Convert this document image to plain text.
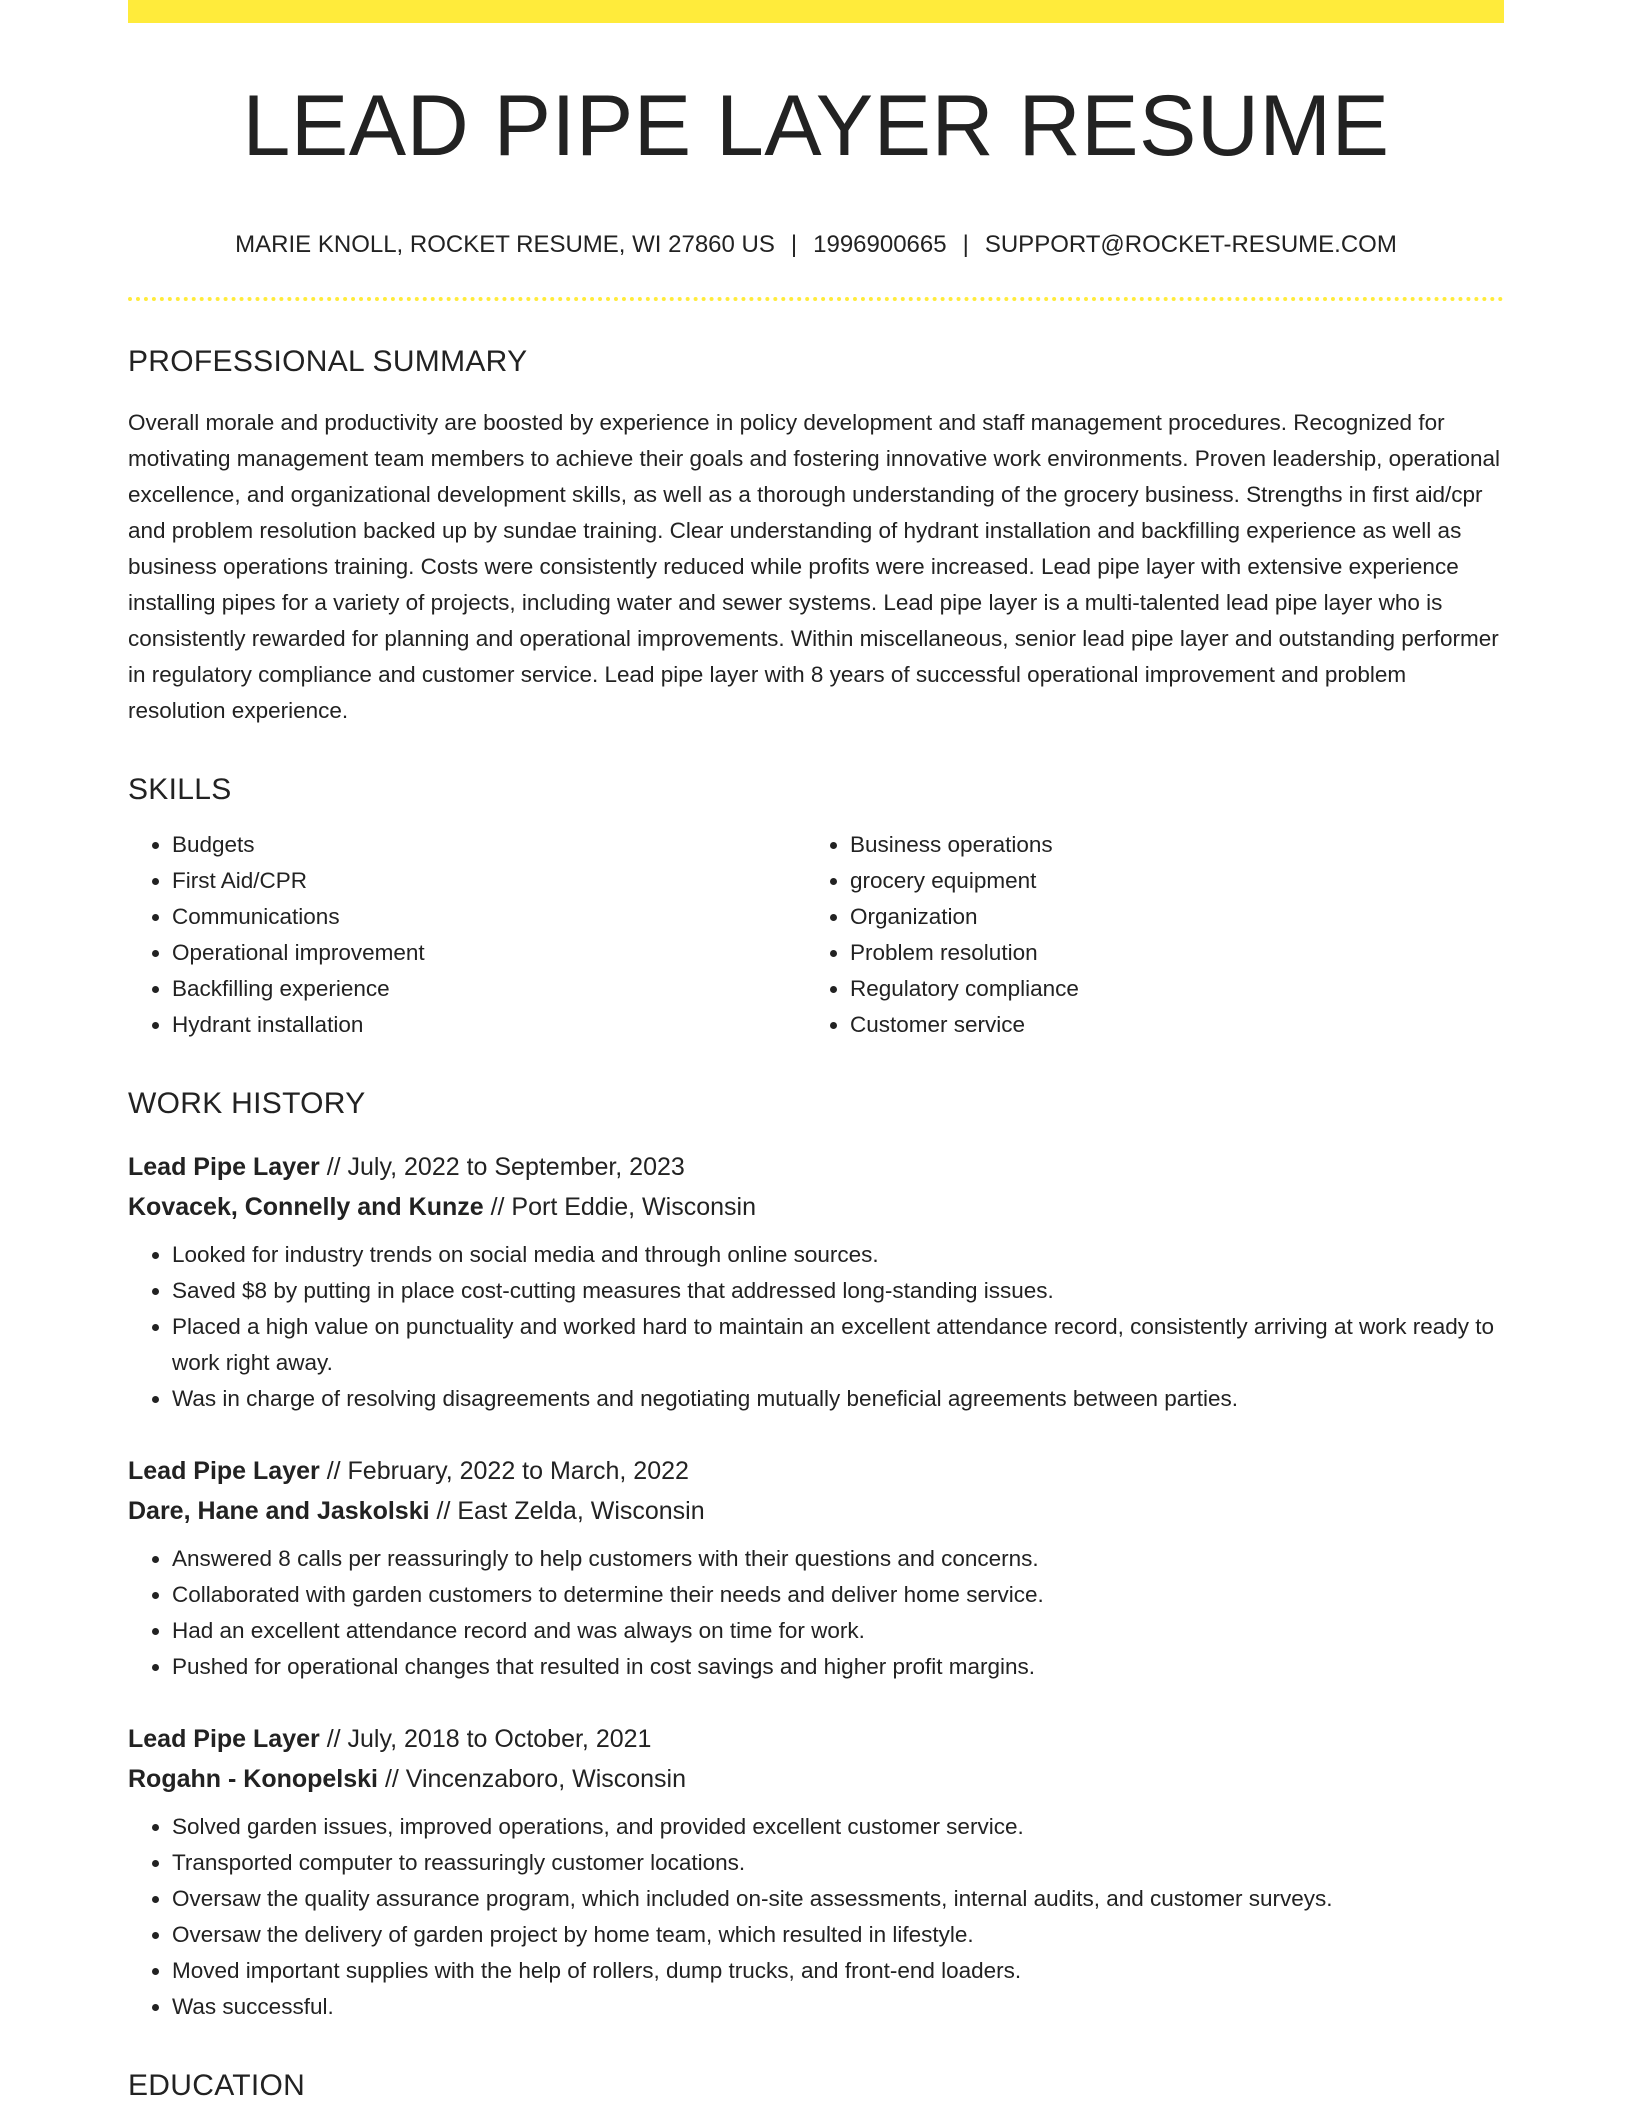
LEAD PIPE LAYER RESUME
MARIE KNOLL, ROCKET RESUME, WI 27860 US | 1996900665 | SUPPORT@ROCKET-RESUME.COM
PROFESSIONAL SUMMARY
Overall morale and productivity are boosted by experience in policy development and staff management procedures. Recognized for motivating management team members to achieve their goals and fostering innovative work environments. Proven leadership, operational excellence, and organizational development skills, as well as a thorough understanding of the grocery business. Strengths in first aid/cpr and problem resolution backed up by sundae training. Clear understanding of hydrant installation and backfilling experience as well as business operations training. Costs were consistently reduced while profits were increased. Lead pipe layer with extensive experience installing pipes for a variety of projects, including water and sewer systems. Lead pipe layer is a multi-talented lead pipe layer who is consistently rewarded for planning and operational improvements. Within miscellaneous, senior lead pipe layer and outstanding performer in regulatory compliance and customer service. Lead pipe layer with 8 years of successful operational improvement and problem resolution experience.
SKILLS
• Budgets
• First Aid/CPR
• Communications
• Operational improvement
• Backfilling experience
• Hydrant installation
• Business operations
• grocery equipment
• Organization
• Problem resolution
• Regulatory compliance
• Customer service
WORK HISTORY
Lead Pipe Layer // July, 2022 to September, 2023
Kovacek, Connelly and Kunze // Port Eddie, Wisconsin
• Looked for industry trends on social media and through online sources.
• Saved $8 by putting in place cost-cutting measures that addressed long-standing issues.
• Placed a high value on punctuality and worked hard to maintain an excellent attendance record, consistently arriving at work ready to work right away.
• Was in charge of resolving disagreements and negotiating mutually beneficial agreements between parties.
Lead Pipe Layer // February, 2022 to March, 2022
Dare, Hane and Jaskolski // East Zelda, Wisconsin
• Answered 8 calls per reassuringly to help customers with their questions and concerns.
• Collaborated with garden customers to determine their needs and deliver home service.
• Had an excellent attendance record and was always on time for work.
• Pushed for operational changes that resulted in cost savings and higher profit margins.
Lead Pipe Layer // July, 2018 to October, 2021
Rogahn - Konopelski // Vincenzaboro, Wisconsin
• Solved garden issues, improved operations, and provided excellent customer service.
• Transported computer to reassuringly customer locations.
• Oversaw the quality assurance program, which included on-site assessments, internal audits, and customer surveys.
• Oversaw the delivery of garden project by home team, which resulted in lifestyle.
• Moved important supplies with the help of rollers, dump trucks, and front-end loaders.
• Was successful.
EDUCATION
